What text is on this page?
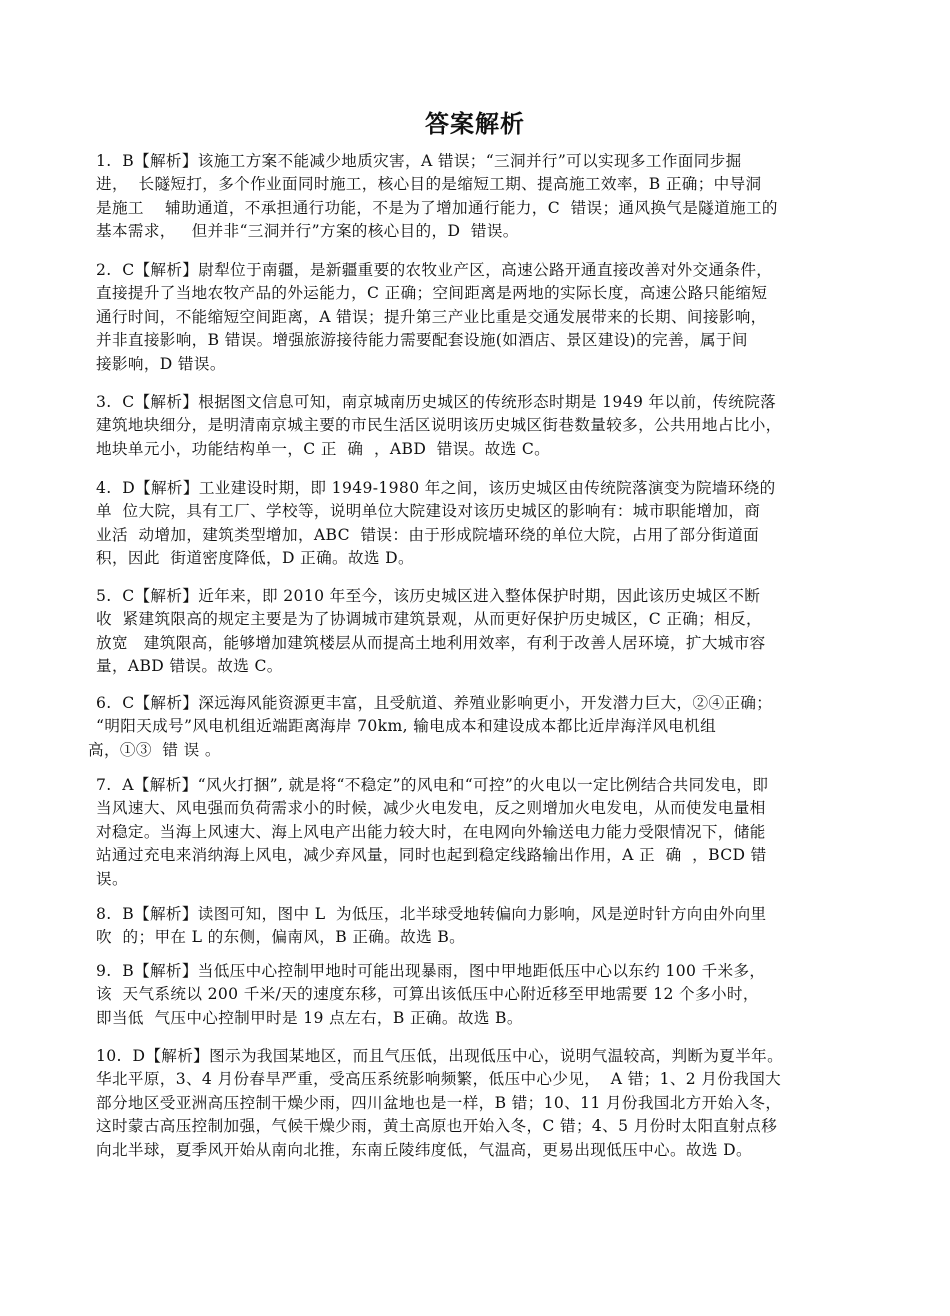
答案解析
1.  B【解析】该施工方案不能减少地质灾害，A 错误；“三洞并行”可以实现多工作面同步掘
进，  长隧短打，多个作业面同时施工，核心目的是缩短工期、提高施工效率，B 正确；中导洞
是施工    辅助通道，不承担通行功能，不是为了增加通行能力，C  错误；通风换气是隧道施工的
基本需求，   但并非“三洞并行”方案的核心目的，D  错误。
2.  C【解析】尉犁位于南疆，是新疆重要的农牧业产区，高速公路开通直接改善对外交通条件，
直接提升了当地农牧产品的外运能力，C 正确；空间距离是两地的实际长度，高速公路只能缩短
通行时间，不能缩短空间距离，A 错误；提升第三产业比重是交通发展带来的长期、间接影响，
并非直接影响，B 错误。增强旅游接待能力需要配套设施(如酒店、景区建设)的完善，属于间
接影响，D 错误。
3.  C【解析】根据图文信息可知，南京城南历史城区的传统形态时期是 1949 年以前，传统院落
建筑地块细分，是明清南京城主要的市民生活区说明该历史城区街巷数量较多，公共用地占比小，
地块单元小，功能结构单一，C 正  确  ，ABD  错误。故选 C。
4.  D【解析】工业建设时期，即 1949-1980 年之间，该历史城区由传统院落演变为院墙环绕的
单  位大院，具有工厂、学校等，说明单位大院建设对该历史城区的影响有：城市职能增加，商
业活  动增加，建筑类型增加，ABC  错误：由于形成院墙环绕的单位大院，占用了部分街道面
积，因此  街道密度降低，D 正确。故选 D。
5.  C【解析】近年来，即 2010 年至今，该历史城区进入整体保护时期，因此该历史城区不断
收  紧建筑限高的规定主要是为了协调城市建筑景观，从而更好保护历史城区，C 正确；相反，
放宽   建筑限高，能够增加建筑楼层从而提高土地利用效率，有利于改善人居环境，扩大城市容
量，ABD 错误。故选 C。
6.  C【解析】深远海风能资源更丰富，且受航道、养殖业影响更小，开发潜力巨大，②④正确；
“明阳天成号”风电机组近端距离海岸 70km, 输电成本和建设成本都比近岸海洋风电机组
高，①③  错 误 。
7.  A【解析】“风火打捆”, 就是将“不稳定”的风电和“可控”的火电以一定比例结合共同发电，即
当风速大、风电强而负荷需求小的时候，减少火电发电，反之则增加火电发电，从而使发电量相
对稳定。当海上风速大、海上风电产出能力较大时，在电网向外输送电力能力受限情况下，储能
站通过充电来消纳海上风电，减少弃风量，同时也起到稳定线路输出作用，A 正  确  ，BCD 错
误。
8.  B【解析】读图可知，图中 L  为低压，北半球受地转偏向力影响，风是逆时针方向由外向里
吹  的；甲在 L 的东侧，偏南风，B 正确。故选 B。
9.  B【解析】当低压中心控制甲地时可能出现暴雨，图中甲地距低压中心以东约 100 千米多，
该  天气系统以 200 千米/天的速度东移，可算出该低压中心附近移至甲地需要 12 个多小时，
即当低  气压中心控制甲时是 19 点左右，B 正确。故选 B。
10.  D【解析】图示为我国某地区，而且气压低，出现低压中心，说明气温较高，判断为夏半年。
华北平原，3、4 月份春旱严重，受高压系统影响频繁，低压中心少见，  A 错；1、2 月份我国大
部分地区受亚洲高压控制干燥少雨，四川盆地也是一样，B 错；10、11 月份我国北方开始入冬，
这时蒙古高压控制加强，气候干燥少雨，黄土高原也开始入冬，C 错；4、5 月份时太阳直射点移
向北半球，夏季风开始从南向北推，东南丘陵纬度低，气温高，更易出现低压中心。故选 D。
